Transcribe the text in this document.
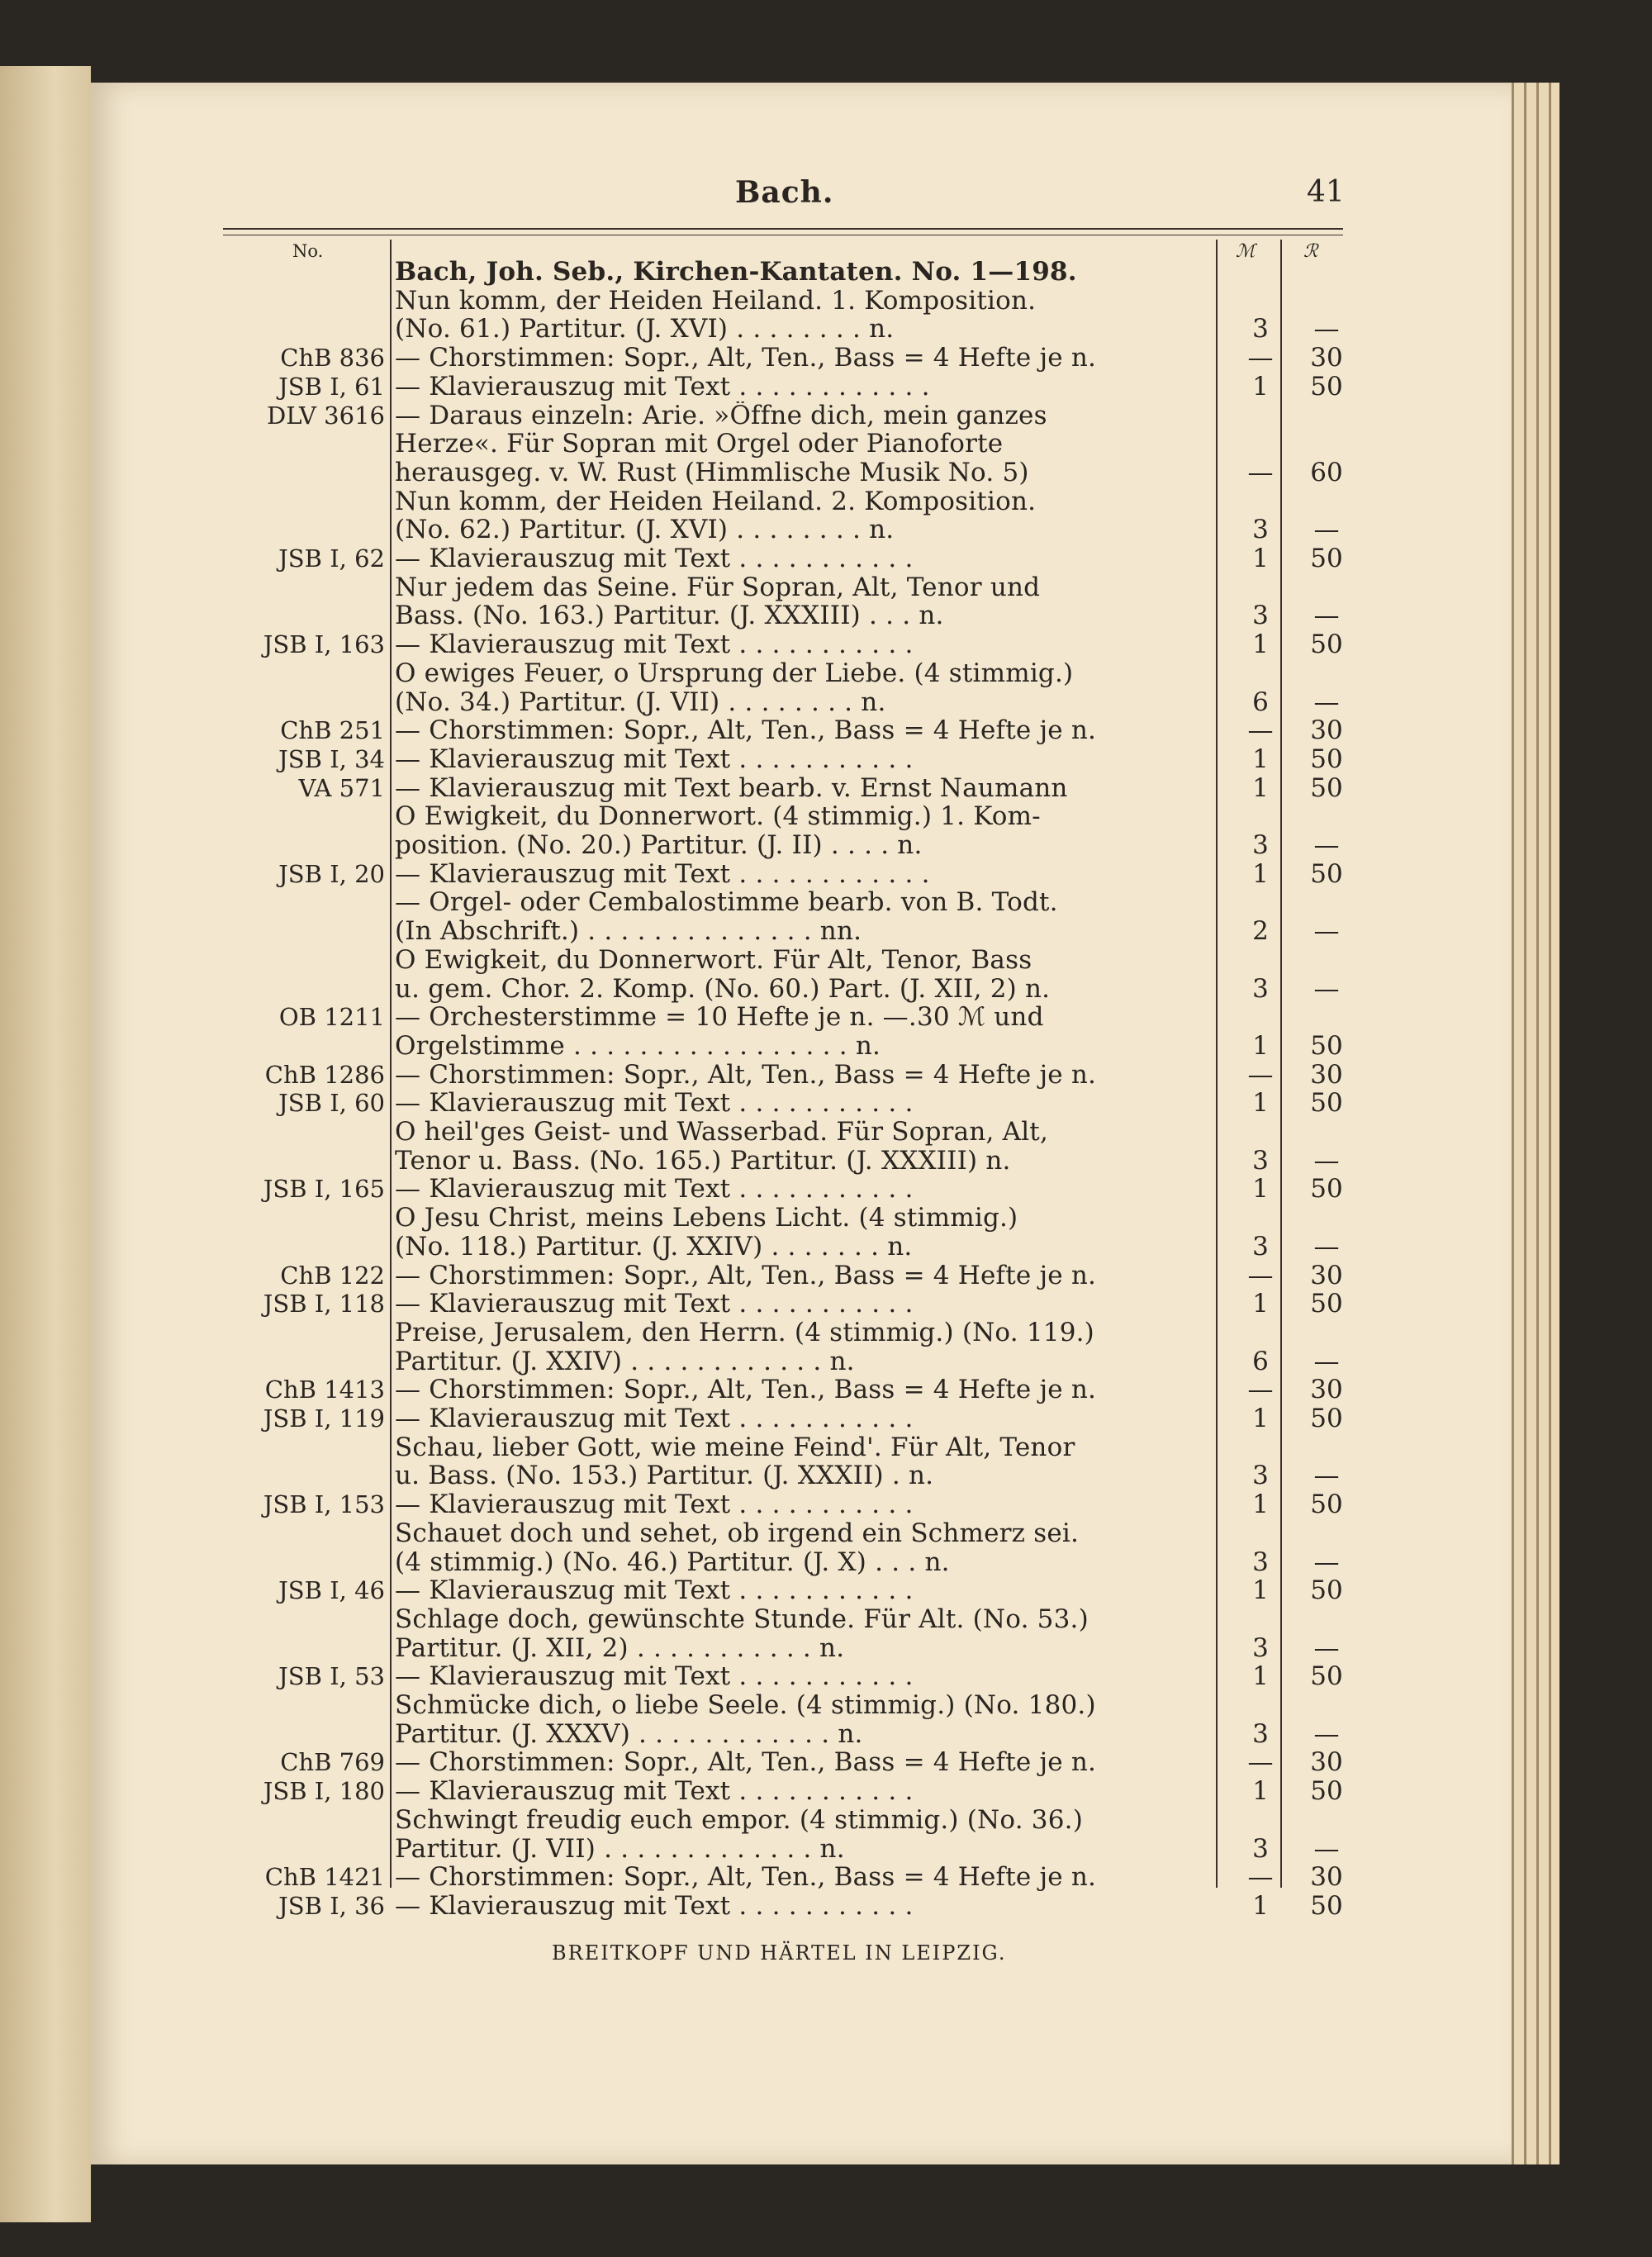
Bach.	41
No.	ℳ	ℛ
Bach, Joh. Seb., Kirchen-Kantaten. No. 1—198.
Nun komm, der Heiden Heiland. 1. Komposition.
(No. 61.) Partitur. (J. XVI) . . . . . . . . n.	3	—
ChB 836 — Chorstimmen: Sopr., Alt, Ten., Bass = 4 Hefte je n.	—	30
JSB I, 61 — Klavierauszug mit Text . . . . . . . . . . . .	1	50
DLV 3616 — Daraus einzeln: Arie. »Öffne dich, mein ganzes
Herze«. Für Sopran mit Orgel oder Pianoforte
herausgeg. v. W. Rust (Himmlische Musik No. 5)	—	60
Nun komm, der Heiden Heiland. 2. Komposition.
(No. 62.) Partitur. (J. XVI) . . . . . . . . n.	3	—
JSB I, 62 — Klavierauszug mit Text . . . . . . . . . . .	1	50
Nur jedem das Seine. Für Sopran, Alt, Tenor und
Bass. (No. 163.) Partitur. (J. XXXIII) . . . n.	3	—
JSB I, 163 — Klavierauszug mit Text . . . . . . . . . . .	1	50
O ewiges Feuer, o Ursprung der Liebe. (4 stimmig.)
(No. 34.) Partitur. (J. VII) . . . . . . . . n.	6	—
ChB 251 — Chorstimmen: Sopr., Alt, Ten., Bass = 4 Hefte je n.	—	30
JSB I, 34 — Klavierauszug mit Text . . . . . . . . . . .	1	50
VA 571 — Klavierauszug mit Text bearb. v. Ernst Naumann	1	50
O Ewigkeit, du Donnerwort. (4 stimmig.) 1. Kom-
position. (No. 20.) Partitur. (J. II) . . . . n.	3	—
JSB I, 20 — Klavierauszug mit Text . . . . . . . . . . . .	1	50
— Orgel- oder Cembalostimme bearb. von B. Todt.
(In Abschrift.) . . . . . . . . . . . . . . nn.	2	—
O Ewigkeit, du Donnerwort. Für Alt, Tenor, Bass
u. gem. Chor. 2. Komp. (No. 60.) Part. (J. XII, 2) n.	3	—
OB 1211 — Orchesterstimme = 10 Hefte je n. —.30 ℳ und
Orgelstimme . . . . . . . . . . . . . . . . . n.	1	50
ChB 1286 — Chorstimmen: Sopr., Alt, Ten., Bass = 4 Hefte je n.	—	30
JSB I, 60 — Klavierauszug mit Text . . . . . . . . . . .	1	50
O heil'ges Geist- und Wasserbad. Für Sopran, Alt,
Tenor u. Bass. (No. 165.) Partitur. (J. XXXIII) n.	3	—
JSB I, 165 — Klavierauszug mit Text . . . . . . . . . . .	1	50
O Jesu Christ, meins Lebens Licht. (4 stimmig.)
(No. 118.) Partitur. (J. XXIV) . . . . . . . n.	3	—
ChB 122 — Chorstimmen: Sopr., Alt, Ten., Bass = 4 Hefte je n.	—	30
JSB I, 118 — Klavierauszug mit Text . . . . . . . . . . .	1	50
Preise, Jerusalem, den Herrn. (4 stimmig.) (No. 119.)
Partitur. (J. XXIV) . . . . . . . . . . . . n.	6	—
ChB 1413 — Chorstimmen: Sopr., Alt, Ten., Bass = 4 Hefte je n.	—	30
JSB I, 119 — Klavierauszug mit Text . . . . . . . . . . .	1	50
Schau, lieber Gott, wie meine Feind'. Für Alt, Tenor
u. Bass. (No. 153.) Partitur. (J. XXXII) . n.	3	—
JSB I, 153 — Klavierauszug mit Text . . . . . . . . . . .	1	50
Schauet doch und sehet, ob irgend ein Schmerz sei.
(4 stimmig.) (No. 46.) Partitur. (J. X) . . . n.	3	—
JSB I, 46 — Klavierauszug mit Text . . . . . . . . . . .	1	50
Schlage doch, gewünschte Stunde. Für Alt. (No. 53.)
Partitur. (J. XII, 2) . . . . . . . . . . . n.	3	—
JSB I, 53 — Klavierauszug mit Text . . . . . . . . . . .	1	50
Schmücke dich, o liebe Seele. (4 stimmig.) (No. 180.)
Partitur. (J. XXXV) . . . . . . . . . . . . n.	3	—
ChB 769 — Chorstimmen: Sopr., Alt, Ten., Bass = 4 Hefte je n.	—	30
JSB I, 180 — Klavierauszug mit Text . . . . . . . . . . .	1	50
Schwingt freudig euch empor. (4 stimmig.) (No. 36.)
Partitur. (J. VII) . . . . . . . . . . . . . n.	3	—
ChB 1421 — Chorstimmen: Sopr., Alt, Ten., Bass = 4 Hefte je n.	—	30
JSB I, 36 — Klavierauszug mit Text . . . . . . . . . . .	1	50
BREITKOPF UND HÄRTEL IN LEIPZIG.
